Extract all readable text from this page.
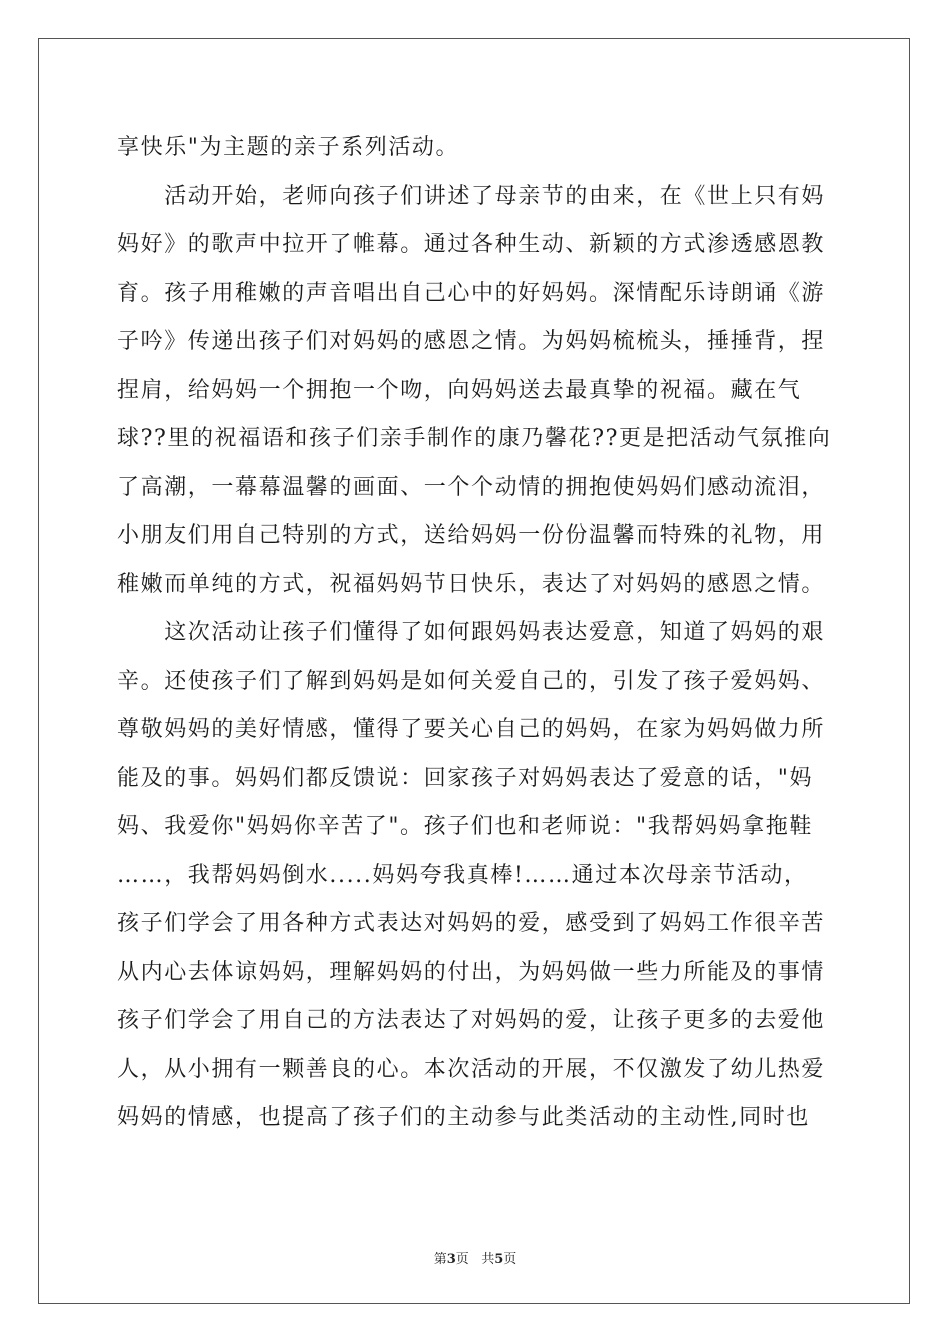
享快乐"为主题的亲子系列活动。
　　活动开始，老师向孩子们讲述了母亲节的由来，在《世上只有妈
妈好》的歌声中拉开了帷幕。通过各种生动、新颖的方式渗透感恩教
育。孩子用稚嫩的声音唱出自己心中的好妈妈。深情配乐诗朗诵《游
子吟》传递出孩子们对妈妈的感恩之情。为妈妈梳梳头，捶捶背，捏
捏肩，给妈妈一个拥抱一个吻，向妈妈送去最真挚的祝福。藏在气
球??里的祝福语和孩子们亲手制作的康乃馨花??更是把活动气氛推向
了高潮，一幕幕温馨的画面、一个个动情的拥抱使妈妈们感动流泪，
小朋友们用自己特别的方式，送给妈妈一份份温馨而特殊的礼物，用
稚嫩而单纯的方式，祝福妈妈节日快乐，表达了对妈妈的感恩之情。
　　这次活动让孩子们懂得了如何跟妈妈表达爱意，知道了妈妈的艰
辛。还使孩子们了解到妈妈是如何关爱自己的，引发了孩子爱妈妈、
尊敬妈妈的美好情感，懂得了要关心自己的妈妈，在家为妈妈做力所
能及的事。妈妈们都反馈说：回家孩子对妈妈表达了爱意的话，"妈
妈、我爱你"妈妈你辛苦了"。孩子们也和老师说："我帮妈妈拿拖鞋
……，我帮妈妈倒水.....妈妈夸我真棒!……通过本次母亲节活动，
孩子们学会了用各种方式表达对妈妈的爱，感受到了妈妈工作很辛苦
从内心去体谅妈妈，理解妈妈的付出，为妈妈做一些力所能及的事情
孩子们学会了用自己的方法表达了对妈妈的爱，让孩子更多的去爱他
人，从小拥有一颗善良的心。本次活动的开展，不仅激发了幼儿热爱
妈妈的情感，也提高了孩子们的主动参与此类活动的主动性,同时也
第3页 共5页
